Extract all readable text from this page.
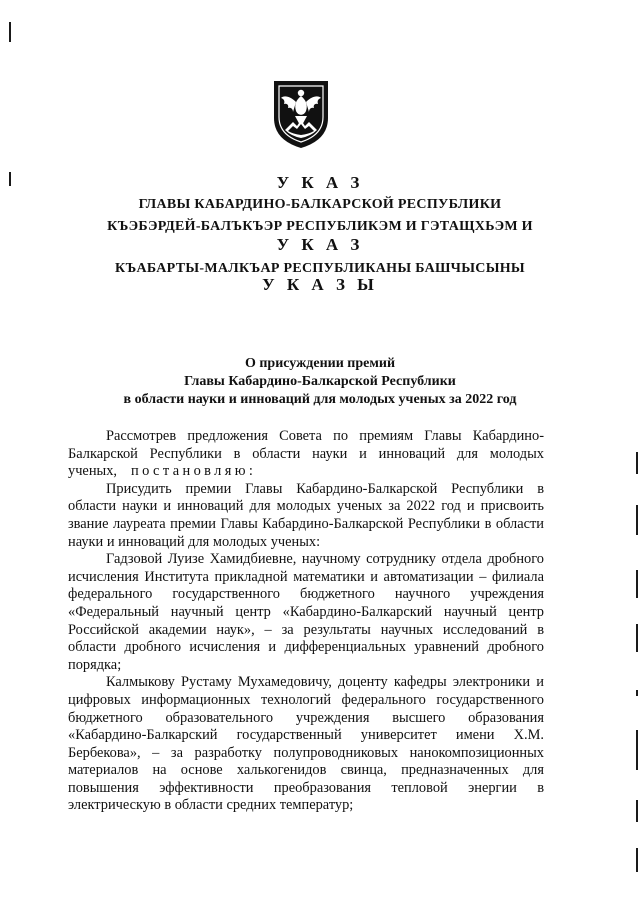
У К А З
ГЛАВЫ КАБАРДИНО-БАЛКАРСКОЙ РЕСПУБЛИКИ
КЪЭБЭРДЕЙ-БАЛЪКЪЭР РЕСПУБЛИКЭМ И ГЭТАЩХЬЭМ И
У К А З
КЪАБАРТЫ-МАЛКЪАР РЕСПУБЛИКАНЫ БАШЧЫСЫНЫ
У К А З Ы
О присуждении премий
Главы Кабардино-Балкарской Республики
в области науки и инноваций для молодых ученых за 2022 год

Рассмотрев предложения Совета по премиям Главы Кабардино-Балкарской Республики в области науки и инноваций для молодых ученых, постановляю:

Присудить премии Главы Кабардино-Балкарской Республики в области науки и инноваций для молодых ученых за 2022 год и присвоить звание лауреата премии Главы Кабардино-Балкарской Республики в области науки и инноваций для молодых ученых:

Гадзовой Луизе Хамидбиевне, научному сотруднику отдела дробного исчисления Института прикладной математики и автоматизации – филиала федерального государственного бюджетного научного учреждения «Федеральный научный центр «Кабардино-Балкарский научный центр Российской академии наук», – за результаты научных исследований в области дробного исчисления и дифференциальных уравнений дробного порядка;

Калмыкову Рустаму Мухамедовичу, доценту кафедры электроники и цифровых информационных технологий федерального государственного бюджетного образовательного учреждения высшего образования «Кабардино-Балкарский государственный университет имени Х.М. Бербекова», – за разработку полупроводниковых нанокомпозиционных материалов на основе халькогенидов свинца, предназначенных для повышения эффективности преобразования тепловой энергии в электрическую в области средних температур;
